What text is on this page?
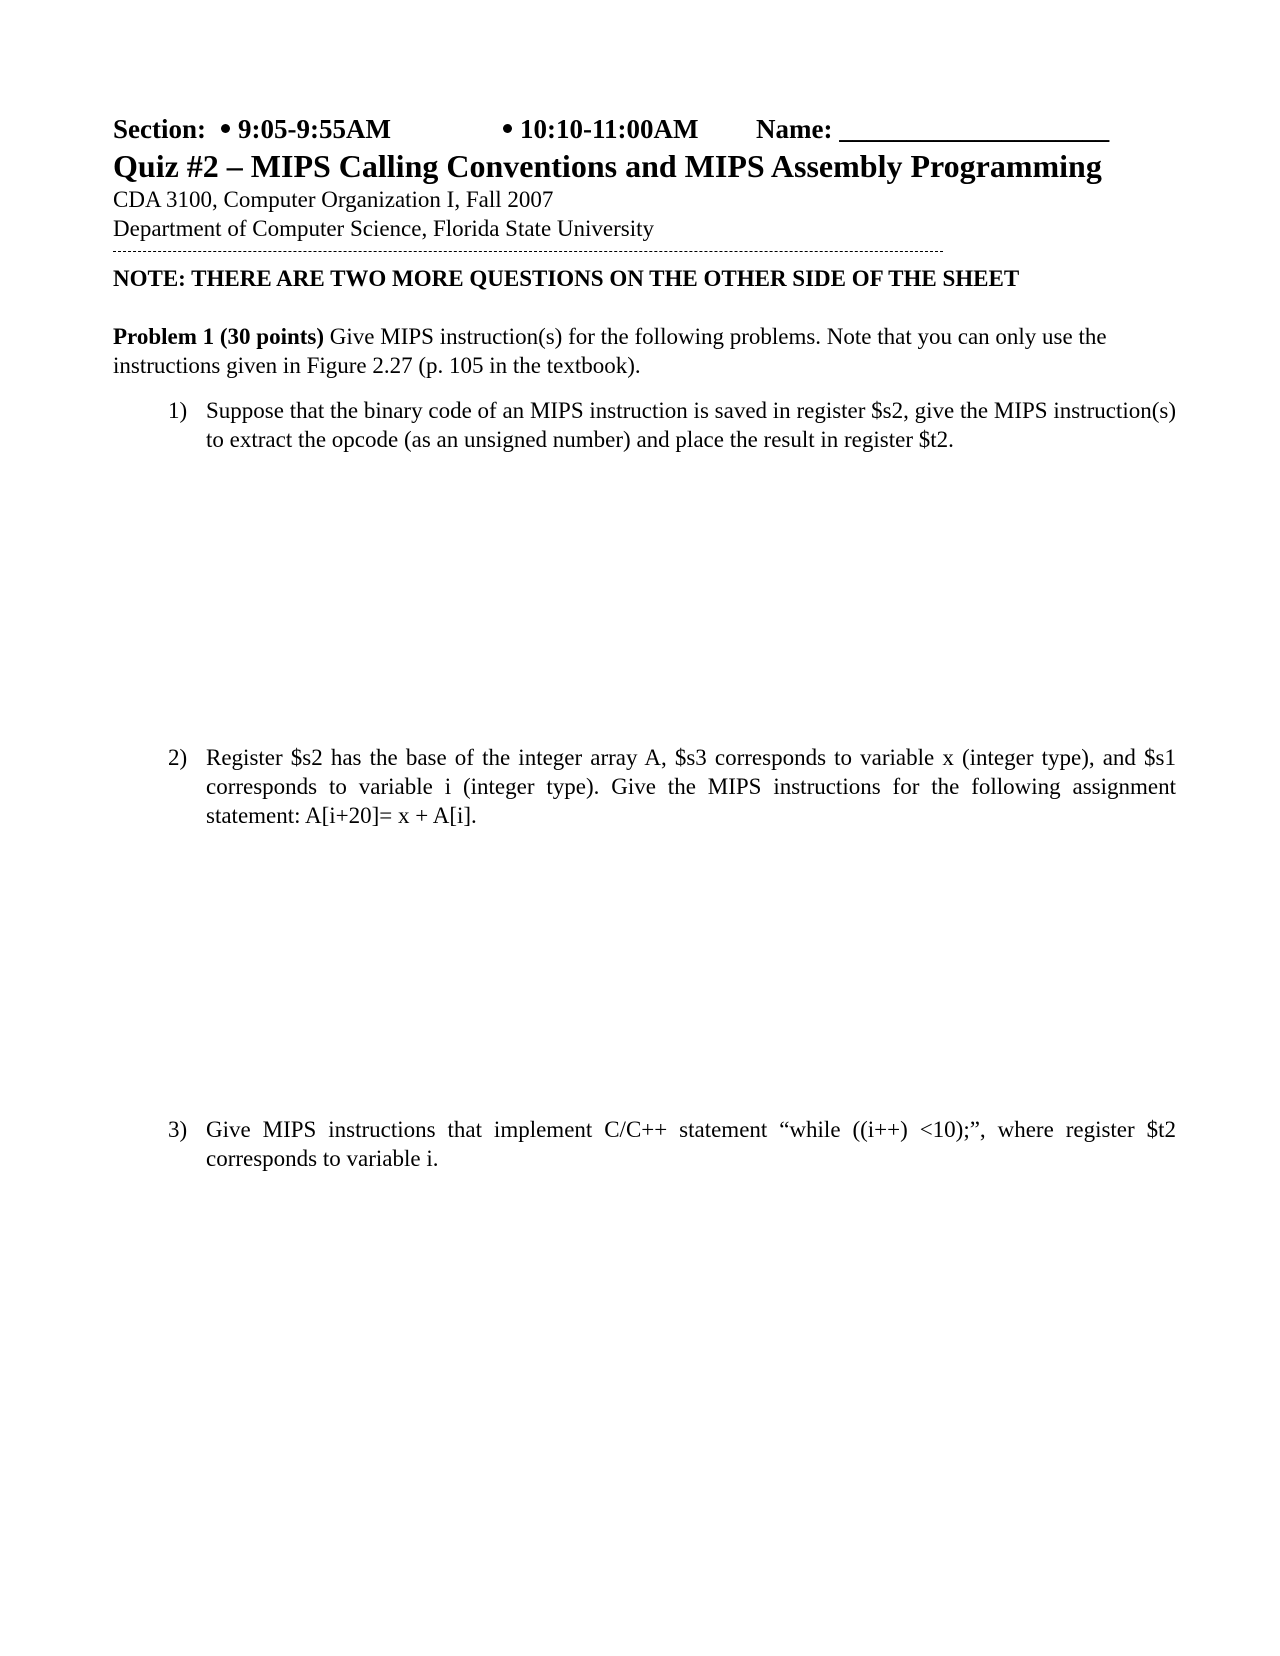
Section:	9:05-9:55AM	10:10-11:00AM Name: ____________________
Quiz #2 – MIPS Calling Conventions and MIPS Assembly Programming
CDA 3100, Computer Organization I, Fall 2007
Department of Computer Science, Florida State University
NOTE: THERE ARE TWO MORE QUESTIONS ON THE OTHER SIDE OF THE SHEET
Problem 1 (30 points) Give MIPS instruction(s) for the following problems. Note that you can only use the instructions given in Figure 2.27 (p. 105 in the textbook).
1) Suppose that the binary code of an MIPS instruction is saved in register $s2, give the MIPS instruction(s) to extract the opcode (as an unsigned number) and place the result in register $t2.
2) Register $s2 has the base of the integer array A, $s3 corresponds to variable x (integer type), and $s1 corresponds to variable i (integer type). Give the MIPS instructions for the following assignment statement: A[i+20]= x + A[i].
3) Give MIPS instructions that implement C/C++ statement “while ((i++) <10);”, where register $t2 corresponds to variable i.
